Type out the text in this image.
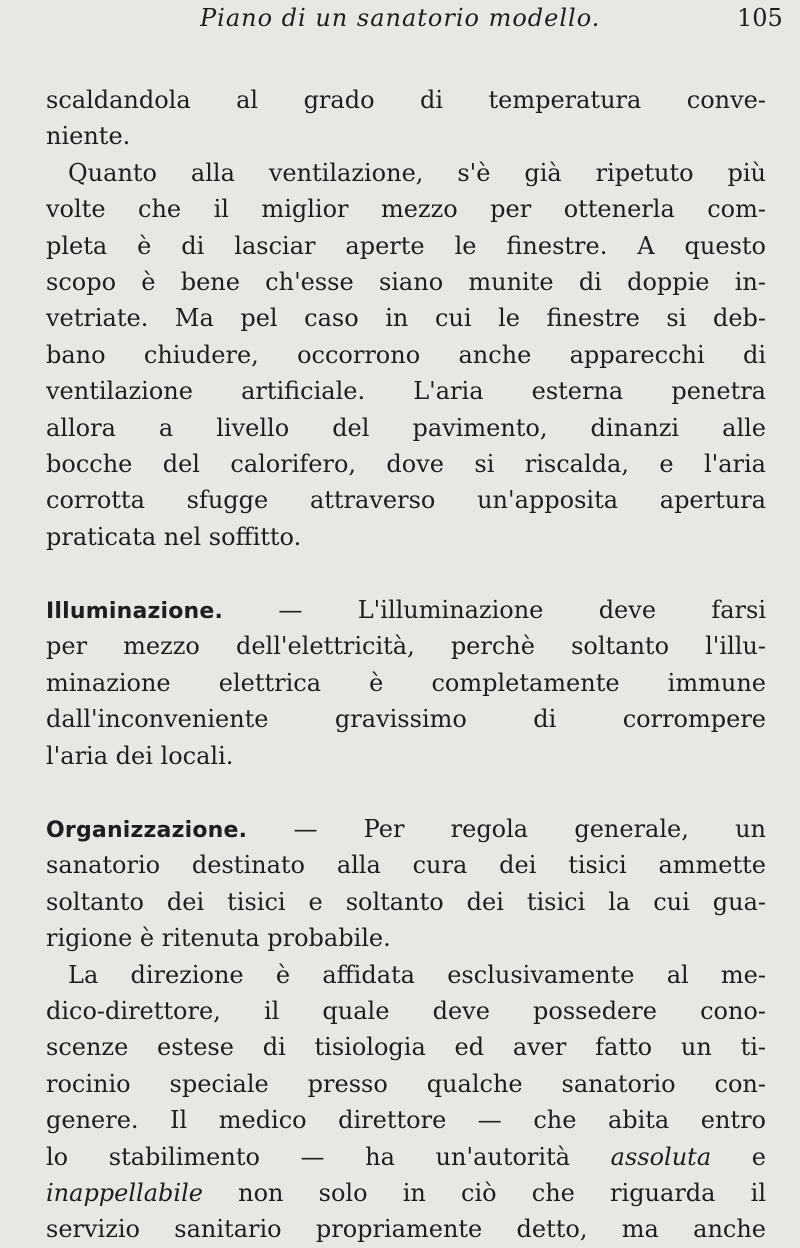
Piano di un sanatorio modello.	105
scaldandola al grado di temperatura conve-
niente.
Quanto alla ventilazione, s'è già ripetuto più
volte che il miglior mezzo per ottenerla com-
pleta è di lasciar aperte le finestre. A questo
scopo è bene ch'esse siano munite di doppie in-
vetriate. Ma pel caso in cui le finestre si deb-
bano chiudere, occorrono anche apparecchi di
ventilazione artificiale. L'aria esterna penetra
allora a livello del pavimento, dinanzi alle
bocche del calorifero, dove si riscalda, e l'aria
corrotta sfugge attraverso un'apposita apertura
praticata nel soffitto.
Illuminazione. — L'illuminazione deve farsi
per mezzo dell'elettricità, perchè soltanto l'illu-
minazione elettrica è completamente immune
dall'inconveniente gravissimo di corrompere
l'aria dei locali.
Organizzazione. — Per regola generale, un
sanatorio destinato alla cura dei tisici ammette
soltanto dei tisici e soltanto dei tisici la cui gua-
rigione è ritenuta probabile.
La direzione è affidata esclusivamente al me-
dico-direttore, il quale deve possedere cono-
scenze estese di tisiologia ed aver fatto un ti-
rocinio speciale presso qualche sanatorio con-
genere. Il medico direttore — che abita entro
lo stabilimento — ha un'autorità assoluta e
inappellabile non solo in ciò che riguarda il
servizio sanitario propriamente detto, ma anche
